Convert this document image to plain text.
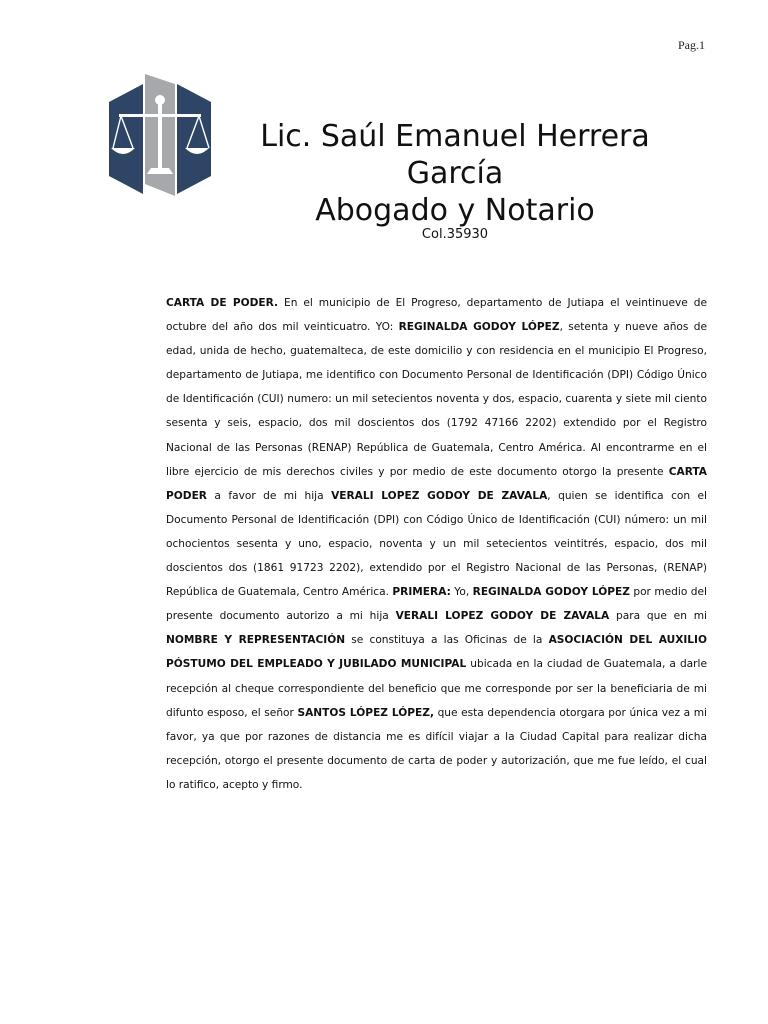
Pag.1
Lic. Saúl Emanuel Herrera
García
Abogado y Notario
Col.35930
CARTA DE PODER. En el municipio de El Progreso, departamento de Jutiapa el veintinueve de octubre del año dos mil veinticuatro. YO: REGINALDA GODOY LÓPEZ, setenta y nueve años de edad, unida de hecho, guatemalteca, de este domicilio y con residencia en el municipio El Progreso, departamento de Jutiapa, me identifico con Documento Personal de Identificación (DPI) Código Único de Identificación (CUI) numero: un mil setecientos noventa y dos, espacio, cuarenta y siete mil ciento sesenta y seis, espacio, dos mil doscientos dos (1792 47166 2202) extendido por el Registro Nacional de las Personas (RENAP) República de Guatemala, Centro América. Al encontrarme en el libre ejercicio de mis derechos civiles y por medio de este documento otorgo la presente CARTA PODER a favor de mi hija VERALI LOPEZ GODOY DE ZAVALA, quien se identifica con el Documento Personal de Identificación (DPI) con Código Único de Identificación (CUI) número: un mil ochocientos sesenta y uno, espacio, noventa y un mil setecientos veintitrés, espacio, dos mil doscientos dos (1861 91723 2202), extendido por el Registro Nacional de las Personas, (RENAP) República de Guatemala, Centro América. PRIMERA: Yo, REGINALDA GODOY LÓPEZ por medio del presente documento autorizo a mi hija VERALI LOPEZ GODOY DE ZAVALA para que en mi NOMBRE Y REPRESENTACIÓN se constituya a las Oficinas de la ASOCIACIÓN DEL AUXILIO PÓSTUMO DEL EMPLEADO Y JUBILADO MUNICIPAL ubicada en la ciudad de Guatemala, a darle recepción al cheque correspondiente del beneficio que me corresponde por ser la beneficiaria de mi difunto esposo, el señor SANTOS LÓPEZ LÓPEZ, que esta dependencia otorgara por única vez a mi favor, ya que por razones de distancia me es difícil viajar a la Ciudad Capital para realizar dicha recepción, otorgo el presente documento de carta de poder y autorización, que me fue leído, el cual lo ratifico, acepto y firmo.
